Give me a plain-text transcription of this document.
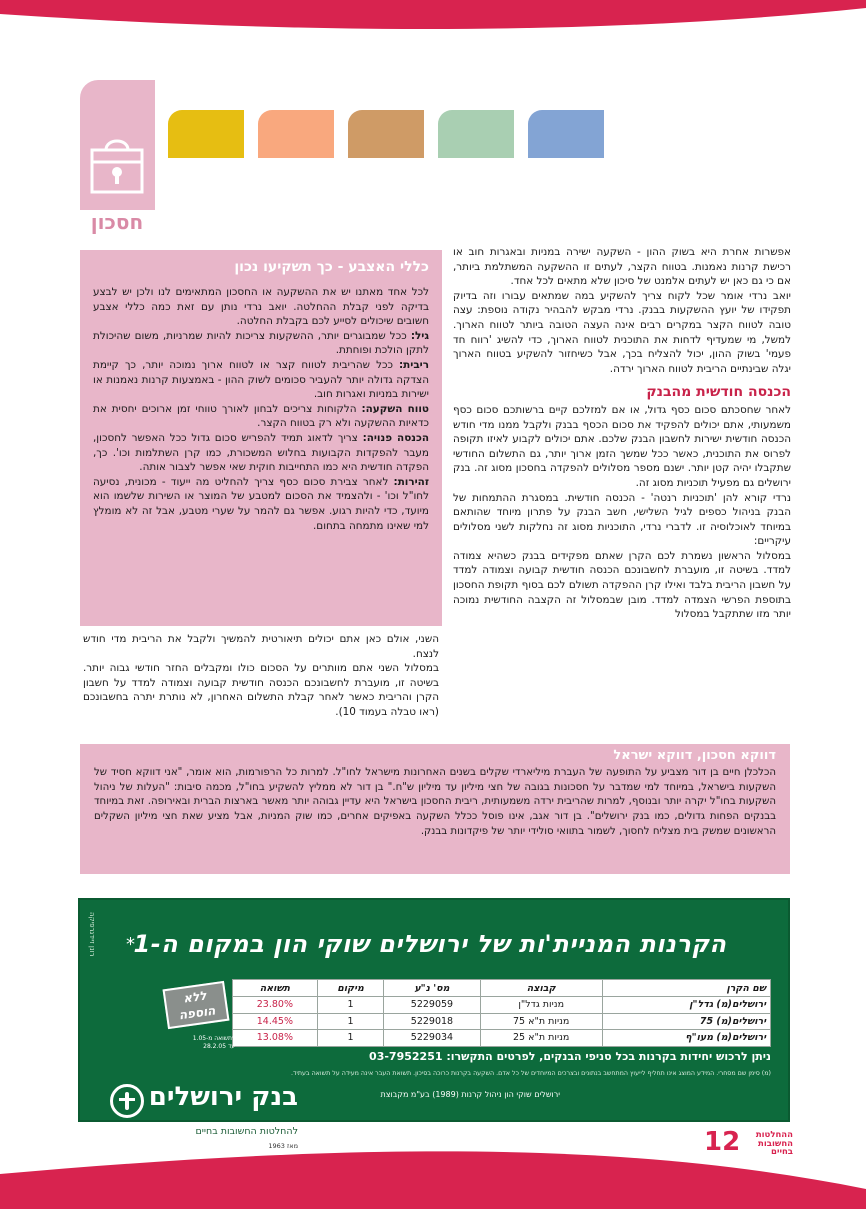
חסכון

אפשרות אחרת היא בשוק ההון - השקעה ישירה במניות ובאגרות חוב או רכישת קרנות נאמנות. בטווח הקצר, לעתים זו ההשקעה המשתלמת ביותר, אם כי גם כאן יש לעתים אלמנט של סיכון שלא מתאים לכל אחד.

יואב נרדי אומר שכל לקוח צריך להשקיע במה שמתאים עבורו וזה בדיוק תפקידו של יועץ ההשקעות בבנק. נרדי מבקש להבהיר נקודה נוספת: עצה טובה לטווח הקצר במקרים רבים אינה העצה הטובה ביותר לטווח הארוך. למשל, מי שמעדיף לדחות את התוכנית לטווח הארוך, כדי להשיג 'רווח חד פעמי' בשוק ההון, יכול להצליח בכך, אבל כשיחזור להשקיע בטווח הארוך יגלה שבינתיים הריבית לטווח הארוך ירדה.

הכנסה חודשית מהבנק

לאחר שחסכתם סכום כסף גדול, או אם למזלכם קיים ברשותכם סכום כסף משמעותי, אתם יכולים להפקיד את סכום הכסף בבנק ולקבל ממנו מדי חודש הכנסה חודשית ישירות לחשבון הבנק שלכם. אתם יכולים לקבוע לאיזו תקופה לפרוס את התוכנית, כאשר ככל שמשך הזמן ארוך יותר, גם התשלום החודשי שתקבלו יהיה קטן יותר. ישנם מספר מסלולים להפקדה בחסכון מסוג זה. בנק ירושלים גם מפעיל תוכניות מסוג זה.

נרדי קורא להן 'תוכניות רנטה' - הכנסה חודשית. במסגרת ההתמחות של הבנק בניהול כספים לגיל השלישי, חשב הבנק על פתרון מיוחד שהותאם במיוחד לאוכלוסיה זו. לדברי נרדי, התוכניות מסוג זה נחלקות לשני מסלולים עיקריים:

במסלול הראשון נשמרת לכם הקרן שאתם מפקידים בבנק כשהיא צמודה למדד. בשיטה זו, מועברת לחשבונכם הכנסה חודשית קבועה וצמודה למדד על חשבון הריבית בלבד ואילו קרן ההפקדה תשולם לכם בסוף תקופת החסכון בתוספת הפרשי הצמדה למדד. מובן שבמסלול זה הקצבה החודשית נמוכה יותר מזו שתתקבל במסלול

כללי האצבע - כך תשקיעו נכון

לכל אחד מאתנו יש את ההשקעה או החסכון המתאימים לנו ולכן יש לבצע בדיקה לפני קבלת ההחלטה. יואב נרדי נותן עם זאת כמה כללי אצבע חשובים שיכולים לסייע לכם בקבלת החלטה.

גיל: ככל שמבוגרים יותר, ההשקעות צריכות להיות שמרניות, משום שהיכולת לתקן הולכת ופוחתת.

ריבית: ככל שהריבית לטווח קצר או לטווח ארוך נמוכה יותר, כך קיימת הצדקה גדולה יותר להעביר סכומים לשוק ההון - באמצעות קרנות נאמנות או ישירות במניות ואגרות חוב.

טווח השקעה: הלקוחות צריכים לבחון לאורך טווחי זמן ארוכים יחסית את כדאיות ההשקעה ולא רק בטווח הקצר.

הכנסה פנויה: צריך לדאוג תמיד להפריש סכום גדול ככל האפשר לחסכון, מעבר להפקדות הקבועות בחלוש המשכורת, כמו קרן השתלמות וכו'. כך, הפקדה חודשית היא כמו התחייבות חוקית שאי אפשר לצבור אותה.

זהירות: לאחר צבירת סכום כסף צריך להחליט מה ייעוד - מכונית, נסיעה לחו"ל וכו' - ולהצמיד את הסכום למטבע של המוצר או השירות שלשמו הוא מיועד, כדי להיות רגוע. אפשר גם להמר על שערי מטבע, אבל זה לא מומלץ למי שאינו מתמחה בתחום.

השני, אולם כאן אתם יכולים תיאורטית להמשיך ולקבל את הריבית מדי חודש לנצח.

במסלול השני אתם מוותרים על הסכום כולו ומקבלים החזר חודשי גבוה יותר. בשיטה זו, מועברת לחשבונכם הכנסה חודשית קבועה וצמודה למדד על חשבון הקרן והריבית כאשר לאחר קבלת התשלום האחרון, לא נותרת יתרה בחשבונכם (ראו טבלה בעמוד 10).

דווקא חסכון, דווקא ישראל

הכלכלן חיים בן דור מצביע על התופעה של העברת מיליארדי שקלים בשנים האחרונות מישראל לחו"ל. למרות כל הרפורמות, הוא אומר, "אני דווקא חסיד של השקעות בישראל, במיוחד למי שמדבר על חסכונות בגובה של חצי מיליון עד מיליון ש"ח." בן דור לא ממליץ להשקיע בחו"ל, מכמה סיבות: "העלות של ניהול השקעות בחו"ל יקרה יותר ובנוסף, למרות שהריבית ירדה משמעותית, ריבית החסכון בישראל היא עדיין גבוהה יותר מאשר בארצות הברית ובאירופה. זאת במיוחד בבנקים הפחות גדולים, כמו בנק ירושלים". בן דור אגב, אינו פוסל ככלל השקעה באפיקים אחרים, כמו שוק המניות, אבל מציע שאת חצי מיליון השקלים הראשונים שמשק בית מצליח לחסוך, לשמור בתוואי סולידי יותר של פיקדונות בבנק.

רונן זיידגרפיקה	הקרנות המניית'ות של ירושלים שוקי הון במקום ה-1
*
שם הקרן	קבוצה	מס' נ"ע	מיקום	תשואה
ירושלים(מ) גדל"ן	מניות גדל"ן	5229059	1	23.80%
ירושלים(מ) 75	מניות ת"א 75	5229018	1	14.45%
ירושלים(מ) מעו"ף	מניות ת"א 25	5229034	1	13.08%
ללא
הוספה
*תשואה מ-1.05 עד 28.2.05
ניתן לרכוש יחידות בקרנות בכל סניפי הבנקים, לפרטים התקשרו: 03-7952251
(מ) סימן שם מסחרי. המידע המוצג אינו תחליף לייעוץ המתחשב בנתונים ובצרכים המיוחדים של כל אדם. השקעה בקרנות כרוכה בסיכון. תשואת העבר אינה מעידה על תשואה בעתיד.
ירושלים שוקי הון ניהול קרנות (1989) בע"מ מקבוצת
בנק ירושלים
להחלטות החשובות בחיים
מאז 1963	12	ההחלטות
החשובות
בחיים
